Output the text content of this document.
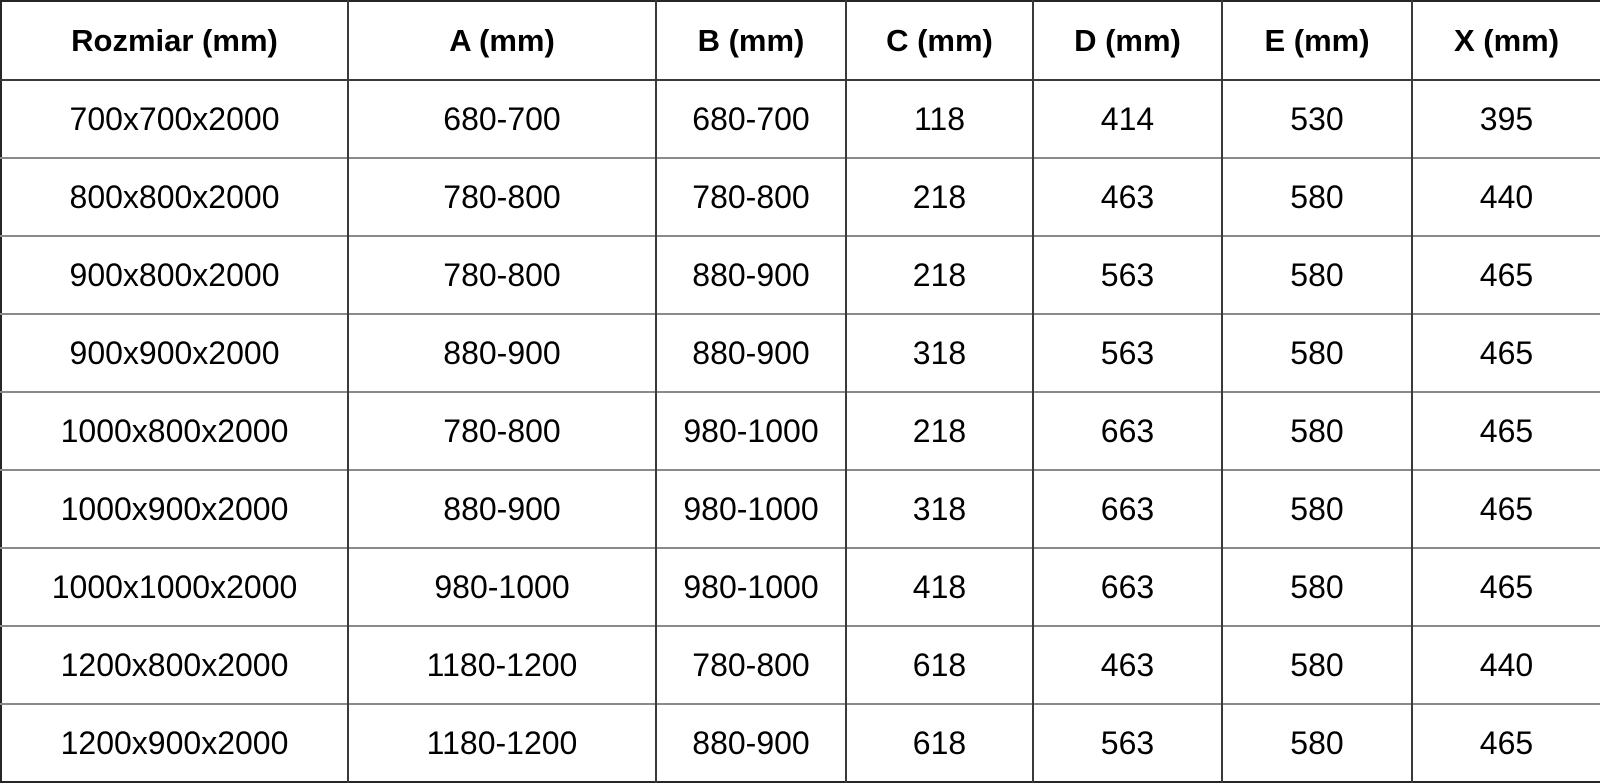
Rozmiar (mm)	A (mm)	B (mm)	C (mm)	D (mm)	E (mm)	X (mm)
700x700x2000	680-700	680-700	118	414	530	395
800x800x2000	780-800	780-800	218	463	580	440
900x800x2000	780-800	880-900	218	563	580	465
900x900x2000	880-900	880-900	318	563	580	465
1000x800x2000	780-800	980-1000	218	663	580	465
1000x900x2000	880-900	980-1000	318	663	580	465
1000x1000x2000	980-1000	980-1000	418	663	580	465
1200x800x2000	1180-1200	780-800	618	463	580	440
1200x900x2000	1180-1200	880-900	618	563	580	465
